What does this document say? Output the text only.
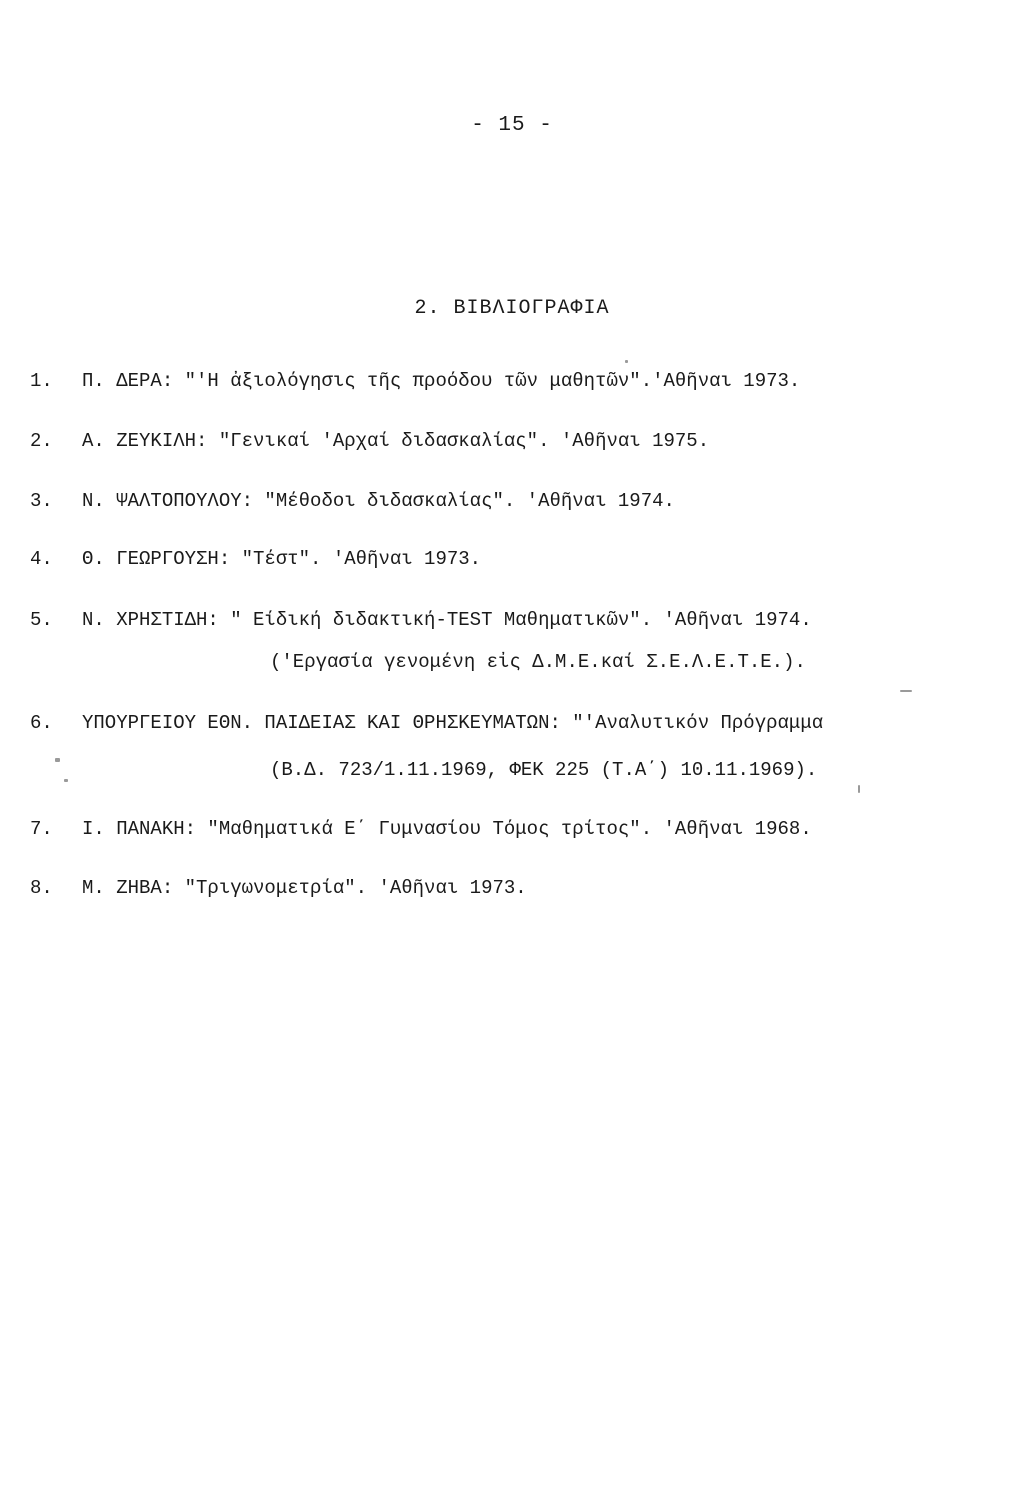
- 15 -
2. ΒΙΒΛΙΟΓΡΑΦΙΑ
1. Π. ΔΕΡΑ: "'Η ἀξιολόγησις τῆς προόδου τῶν μαθητῶν".'Αθῆναι 1973.
2. Α. ΖΕΥΚΙΛΗ: "Γενικαί 'Αρχαί διδασκαλίας". 'Αθῆναι 1975.
3. Ν. ΨΑΛΤΟΠΟΥΛΟΥ: "Μέθοδοι διδασκαλίας". 'Αθῆναι 1974.
4. Θ. ΓΕΩΡΓΟΥΣΗ: "Τέστ". 'Αθῆναι 1973.
5. Ν. ΧΡΗΣΤΙΔΗ: " Είδική διδακτική-TEST Μαθηματικῶν". 'Αθῆναι 1974.
('Εργασία γενομένη εἰς Δ.Μ.Ε.καί Σ.Ε.Λ.Ε.Τ.Ε.).
6. ΥΠΟΥΡΓΕΙΟΥ ΕΘΝ. ΠΑΙΔΕΙΑΣ ΚΑΙ ΘΡΗΣΚΕΥΜΑΤΩΝ: "'Αναλυτικόν Πρόγραμμα
(Β.Δ. 723/1.11.1969, ΦΕΚ 225 (Τ.Α΄) 10.11.1969).
7. Ι. ΠΑΝΑΚΗ: "Μαθηματικά Ε΄ Γυμνασίου Τόμος τρίτος". 'Αθῆναι 1968.
8. Μ. ΖΗΒΑ: "Τριγωνομετρία". 'Αθῆναι 1973.
